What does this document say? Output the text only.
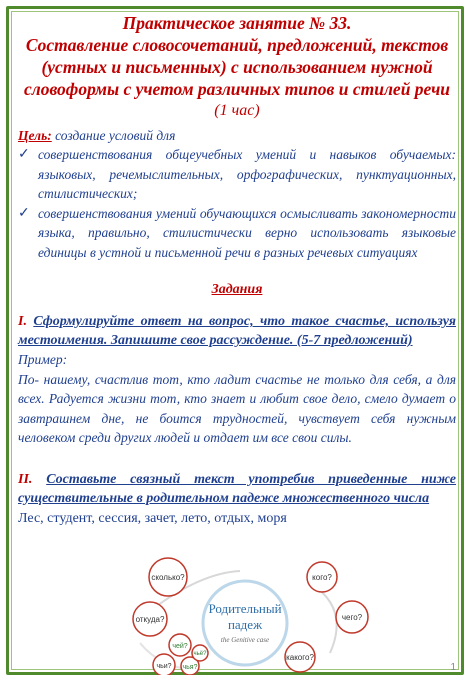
Практическое занятие № 33.
Составление словосочетаний, предложений, текстов
(устных и письменных) с использованием нужной
словоформы с учетом различных типов и стилей речи
(1 час)
Цель: создание условий для
✓ совершенствования общеучебных умений и навыков обучаемых: языковых, речемыслительных, орфографических, пунктуационных, стилистических;
✓ совершенствования умений обучающихся осмысливать закономерности языка, правильно, стилистически верно использовать языковые единицы в устной и письменной речи в разных речевых ситуациях
Задания
I. Сформулируйте ответ на вопрос, что такое счастье, используя местоимения. Запишите свое рассуждение. (5-7 предложений)
Пример:
По- нашему, счастлив тот, кто ладит счастье не только для себя, а для всех. Радуется жизни тот, кто знает и любит свое дело, смело думает о завтрашнем дне, не боится трудностей, чувствует себя нужным человеком среди других людей и отдает им все свои силы.
II. Составьте связный текст употребив приведенные ниже существительные в родительном падеже множественного числа
Лес, студент, сессия, зачет, лето, отдых, моря
Родительный
падеж
the Genitive case
сколько?	кого?
откуда?	чего?
чей?
чья?
чьё?
чьи?
какого?
1
